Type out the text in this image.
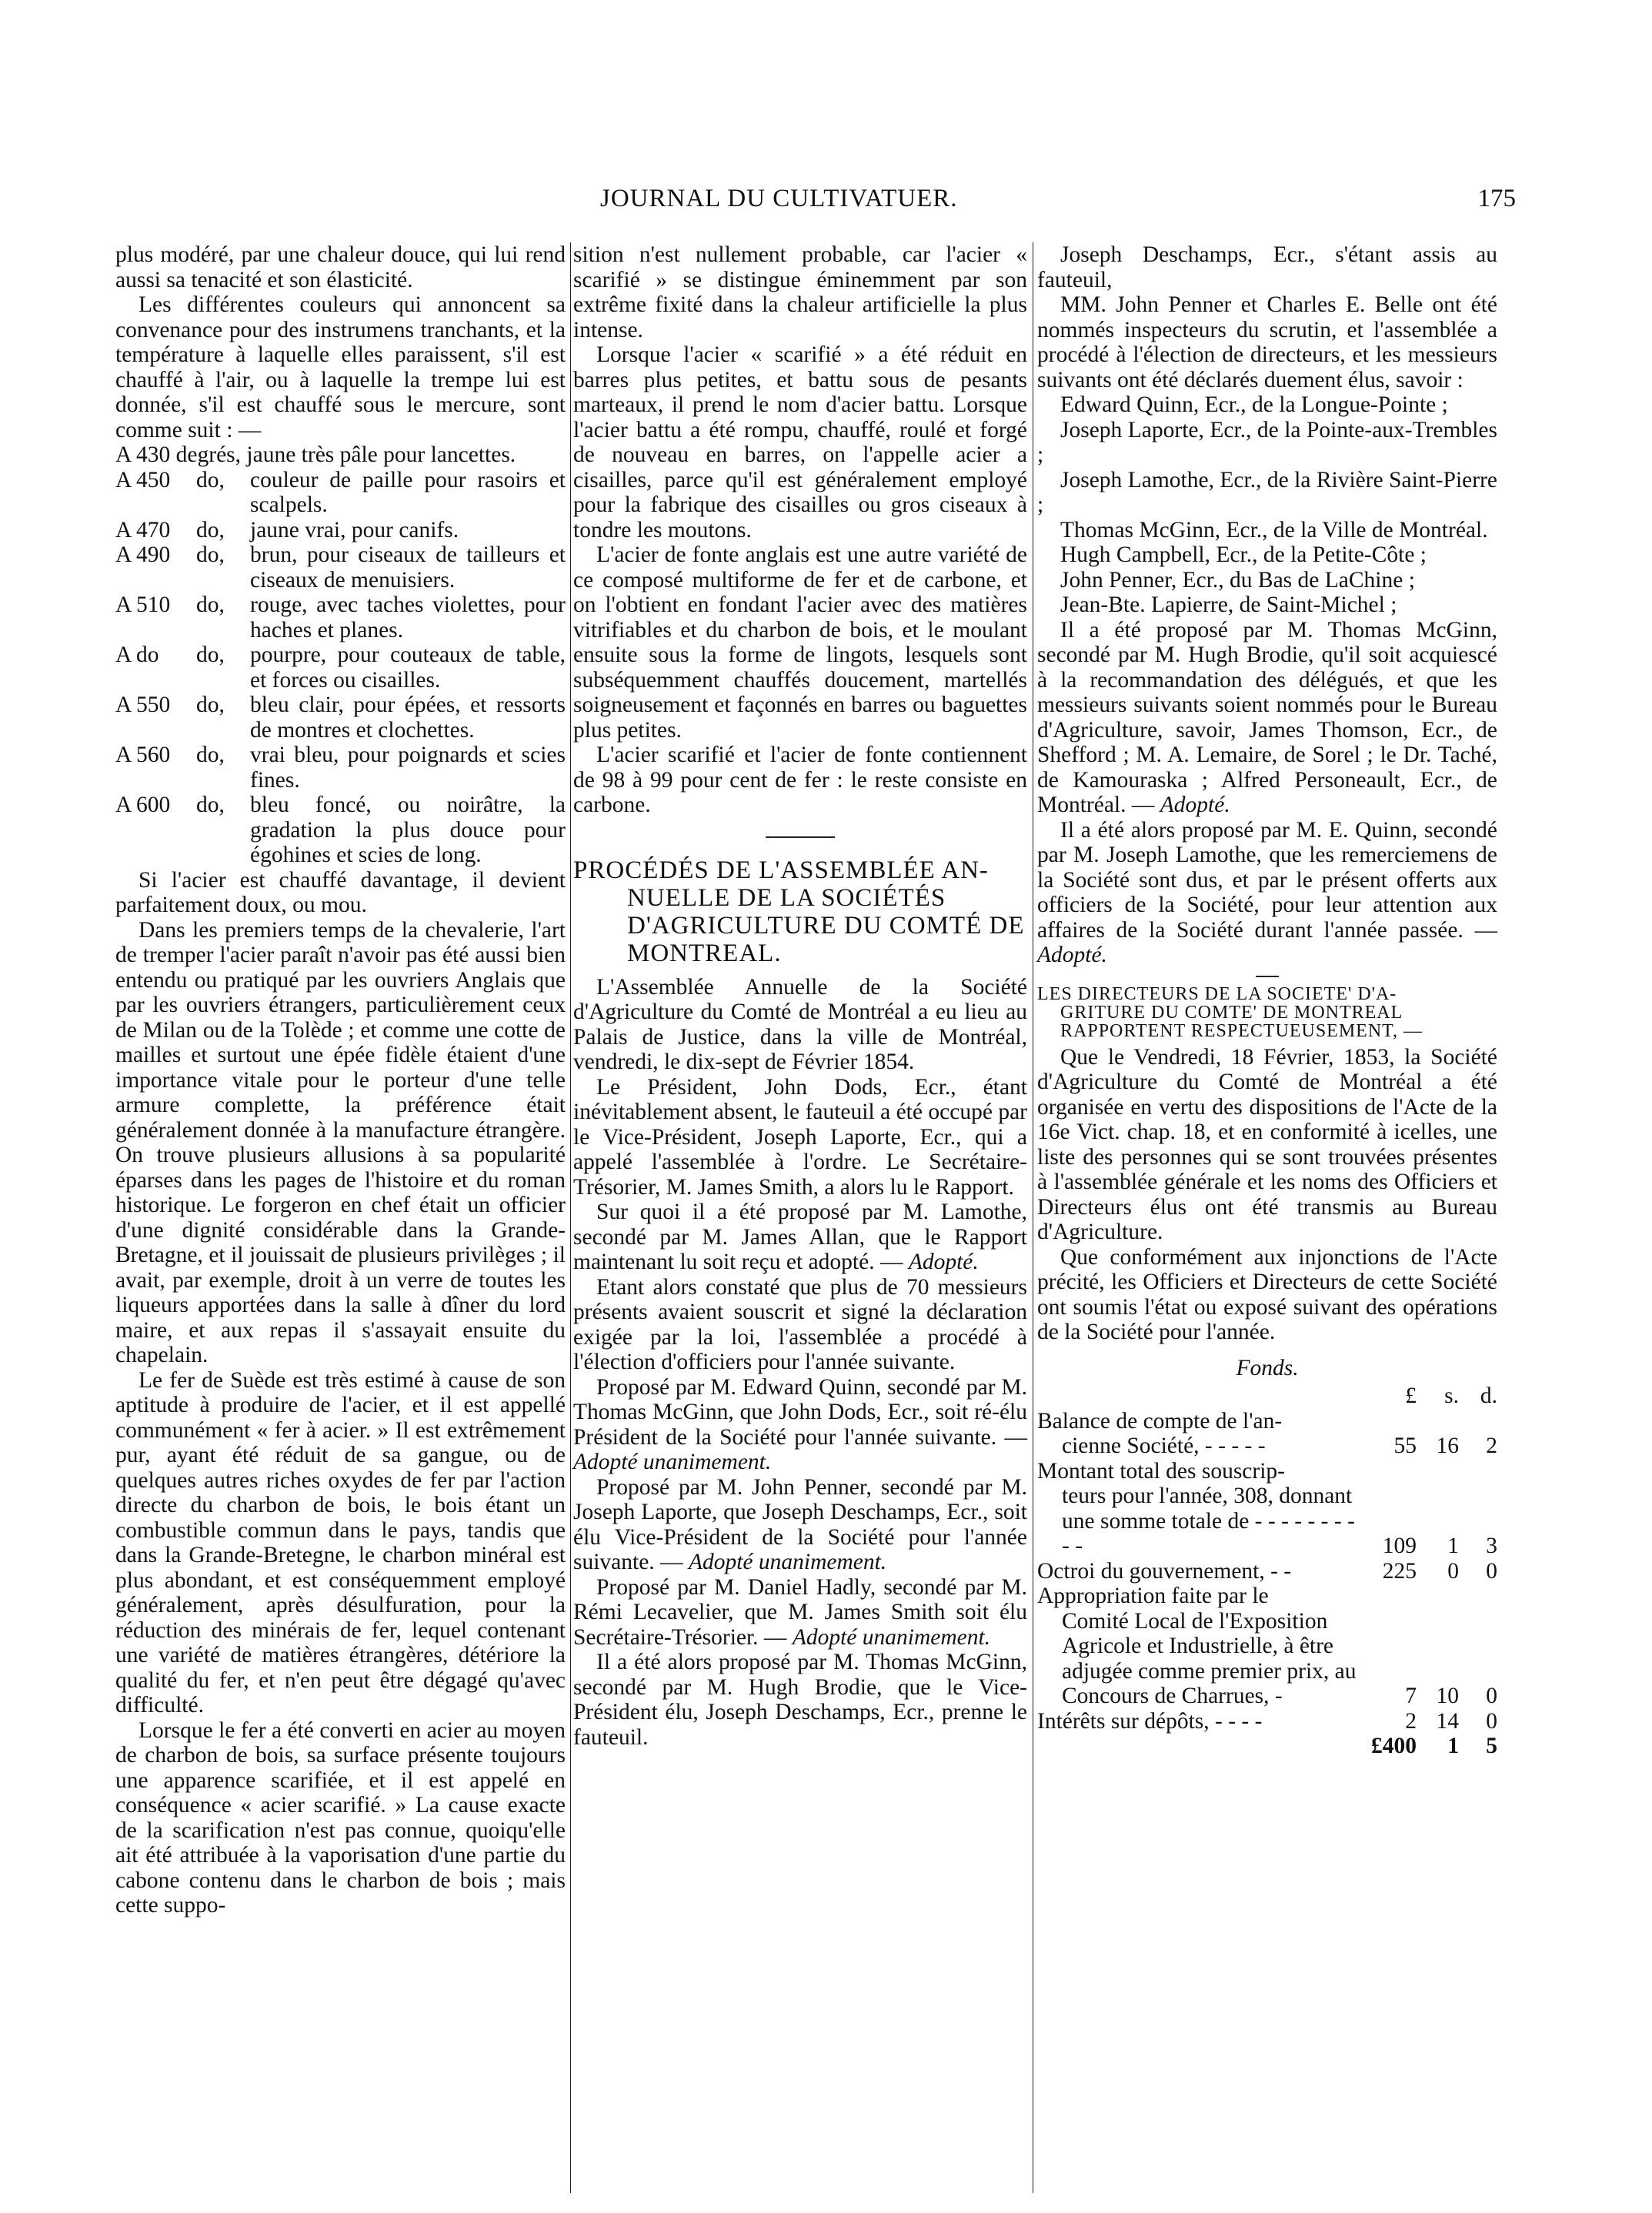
JOURNAL DU CULTIVATUER.	175

plus modéré, par une chaleur douce, qui lui rend aussi sa tenacité et son élasticité.

Les différentes couleurs qui annoncent sa convenance pour des instrumens tranchants, et la température à laquelle elles paraissent, s'il est chauffé à l'air, ou à laquelle la trempe lui est donnée, s'il est chauffé sous le mercure, sont comme suit : —

A 430 degrés, jaune très pâle pour lancettes.
A 450	do,	couleur de paille pour rasoirs et scalpels.
A 470	do,	jaune vrai, pour canifs.
A 490	do,	brun, pour ciseaux de tailleurs et ciseaux de menuisiers.
A 510	do,	rouge, avec taches violettes, pour haches et planes.
A do	do,	pourpre, pour couteaux de table, et forces ou cisailles.
A 550	do,	bleu clair, pour épées, et ressorts de montres et clochettes.
A 560	do,	vrai bleu, pour poignards et scies fines.
A 600	do,	bleu foncé, ou noirâtre, la gradation la plus douce pour égohines et scies de long.

Si l'acier est chauffé davantage, il devient parfaitement doux, ou mou.

Dans les premiers temps de la chevalerie, l'art de tremper l'acier paraît n'avoir pas été aussi bien entendu ou pratiqué par les ouvriers Anglais que par les ouvriers étrangers, particulièrement ceux de Milan ou de la Tolède ; et comme une cotte de mailles et surtout une épée fidèle étaient d'une importance vitale pour le porteur d'une telle armure complette, la préférence était généralement donnée à la manufacture étrangère. On trouve plusieurs allusions à sa popularité éparses dans les pages de l'histoire et du roman historique. Le forgeron en chef était un officier d'une dignité considérable dans la Grande-Bretagne, et il jouissait de plusieurs privilèges ; il avait, par exemple, droit à un verre de toutes les liqueurs apportées dans la salle à dîner du lord maire, et aux repas il s'assayait ensuite du chapelain.

Le fer de Suède est très estimé à cause de son aptitude à produire de l'acier, et il est appellé communément « fer à acier. » Il est extrêmement pur, ayant été réduit de sa gangue, ou de quelques autres riches oxydes de fer par l'action directe du charbon de bois, le bois étant un combustible commun dans le pays, tandis que dans la Grande-Bretegne, le charbon minéral est plus abondant, et est conséquemment employé généralement, après désulfuration, pour la réduction des minérais de fer, lequel contenant une variété de matières étrangères, détériore la qualité du fer, et n'en peut être dégagé qu'avec difficulté.

Lorsque le fer a été converti en acier au moyen de charbon de bois, sa surface présente toujours une apparence scarifiée, et il est appelé en conséquence « acier scarifié. » La cause exacte de la scarification n'est pas connue, quoiqu'elle ait été attribuée à la vaporisation d'une partie du cabone contenu dans le charbon de bois ; mais cette suppo-

sition n'est nullement probable, car l'acier « scarifié » se distingue éminemment par son extrême fixité dans la chaleur artificielle la plus intense.

Lorsque l'acier « scarifié » a été réduit en barres plus petites, et battu sous de pesants marteaux, il prend le nom d'acier battu. Lorsque l'acier battu a été rompu, chauffé, roulé et forgé de nouveau en barres, on l'appelle acier a cisailles, parce qu'il est généralement employé pour la fabrique des cisailles ou gros ciseaux à tondre les moutons.

L'acier de fonte anglais est une autre variété de ce composé multiforme de fer et de carbone, et on l'obtient en fondant l'acier avec des matières vitrifiables et du charbon de bois, et le moulant ensuite sous la forme de lingots, lesquels sont subséquemment chauffés doucement, martellés soigneusement et façonnés en barres ou baguettes plus petites.

L'acier scarifié et l'acier de fonte contiennent de 98 à 99 pour cent de fer : le reste consiste en carbone.

PROCÉDÉS DE L'ASSEMBLÉE AN-
NUELLE DE LA SOCIÉTÉS D'AGRICULTURE DU COMTÉ DE MONTREAL.

L'Assemblée Annuelle de la Société d'Agriculture du Comté de Montréal a eu lieu au Palais de Justice, dans la ville de Montréal, vendredi, le dix-sept de Février 1854.

Le Président, John Dods, Ecr., étant inévitablement absent, le fauteuil a été occupé par le Vice-Président, Joseph Laporte, Ecr., qui a appelé l'assemblée à l'ordre. Le Secrétaire-Trésorier, M. James Smith, a alors lu le Rapport.

Sur quoi il a été proposé par M. Lamothe, secondé par M. James Allan, que le Rapport maintenant lu soit reçu et adopté. — Adopté.

Etant alors constaté que plus de 70 messieurs présents avaient souscrit et signé la déclaration exigée par la loi, l'assemblée a procédé à l'élection d'officiers pour l'année suivante.

Proposé par M. Edward Quinn, secondé par M. Thomas McGinn, que John Dods, Ecr., soit ré-élu Président de la Société pour l'année suivante. — Adopté unanimement.

Proposé par M. John Penner, secondé par M. Joseph Laporte, que Joseph Deschamps, Ecr., soit élu Vice-Président de la Société pour l'année suivante. — Adopté unanimement.

Proposé par M. Daniel Hadly, secondé par M. Rémi Lecavelier, que M. James Smith soit élu Secrétaire-Trésorier. — Adopté unanimement.

Il a été alors proposé par M. Thomas McGinn, secondé par M. Hugh Brodie, que le Vice-Président élu, Joseph Deschamps, Ecr., prenne le fauteuil.

Joseph Deschamps, Ecr., s'étant assis au fauteuil,

MM. John Penner et Charles E. Belle ont été nommés inspecteurs du scrutin, et l'assemblée a procédé à l'élection de directeurs, et les messieurs suivants ont été déclarés duement élus, savoir :

Edward Quinn, Ecr., de la Longue-Pointe ;

Joseph Laporte, Ecr., de la Pointe-aux-Trembles ;

Joseph Lamothe, Ecr., de la Rivière Saint-Pierre ;

Thomas McGinn, Ecr., de la Ville de Montréal.

Hugh Campbell, Ecr., de la Petite-Côte ;

John Penner, Ecr., du Bas de LaChine ;

Jean-Bte. Lapierre, de Saint-Michel ;

Il a été proposé par M. Thomas McGinn, secondé par M. Hugh Brodie, qu'il soit acquiescé à la recommandation des délégués, et que les messieurs suivants soient nommés pour le Bureau d'Agriculture, savoir, James Thomson, Ecr., de Shefford ; M. A. Lemaire, de Sorel ; le Dr. Taché, de Kamouraska ; Alfred Personeault, Ecr., de Montréal. — Adopté.

Il a été alors proposé par M. E. Quinn, secondé par M. Joseph Lamothe, que les remerciemens de la Société sont dus, et par le présent offerts aux officiers de la Société, pour leur attention aux affaires de la Société durant l'année passée. — Adopté.

LES DIRECTEURS DE LA SOCIETE' D'A-
GRITURE DU COMTE' DE MONTREAL RAPPORTENT RESPECTUEUSEMENT, —

Que le Vendredi, 18 Février, 1853, la Société d'Agriculture du Comté de Montréal a été organisée en vertu des dispositions de l'Acte de la 16e Vict. chap. 18, et en conformité à icelles, une liste des personnes qui se sont trouvées présentes à l'assemblée générale et les noms des Officiers et Directeurs élus ont été transmis au Bureau d'Agriculture.

Que conformément aux injonctions de l'Acte précité, les Officiers et Directeurs de cette Société ont soumis l'état ou exposé suivant des opérations de la Société pour l'année.

Fonds.
	£	s.	d.
Balance de compte de l'an-
cienne Société, - - - - -	55	16	2
Montant total des souscrip-
teurs pour l'année, 308, donnant une somme totale de - - - - - - - - - -	109	1	3
Octroi du gouvernement, - -	225	0	0
Appropriation faite par le
Comité Local de l'Exposition Agricole et Industrielle, à être adjugée comme premier prix, au Concours de Charrues, -	7	10	0
Intérêts sur dépôts, - - - -	2	14	0
	£400	1	5
